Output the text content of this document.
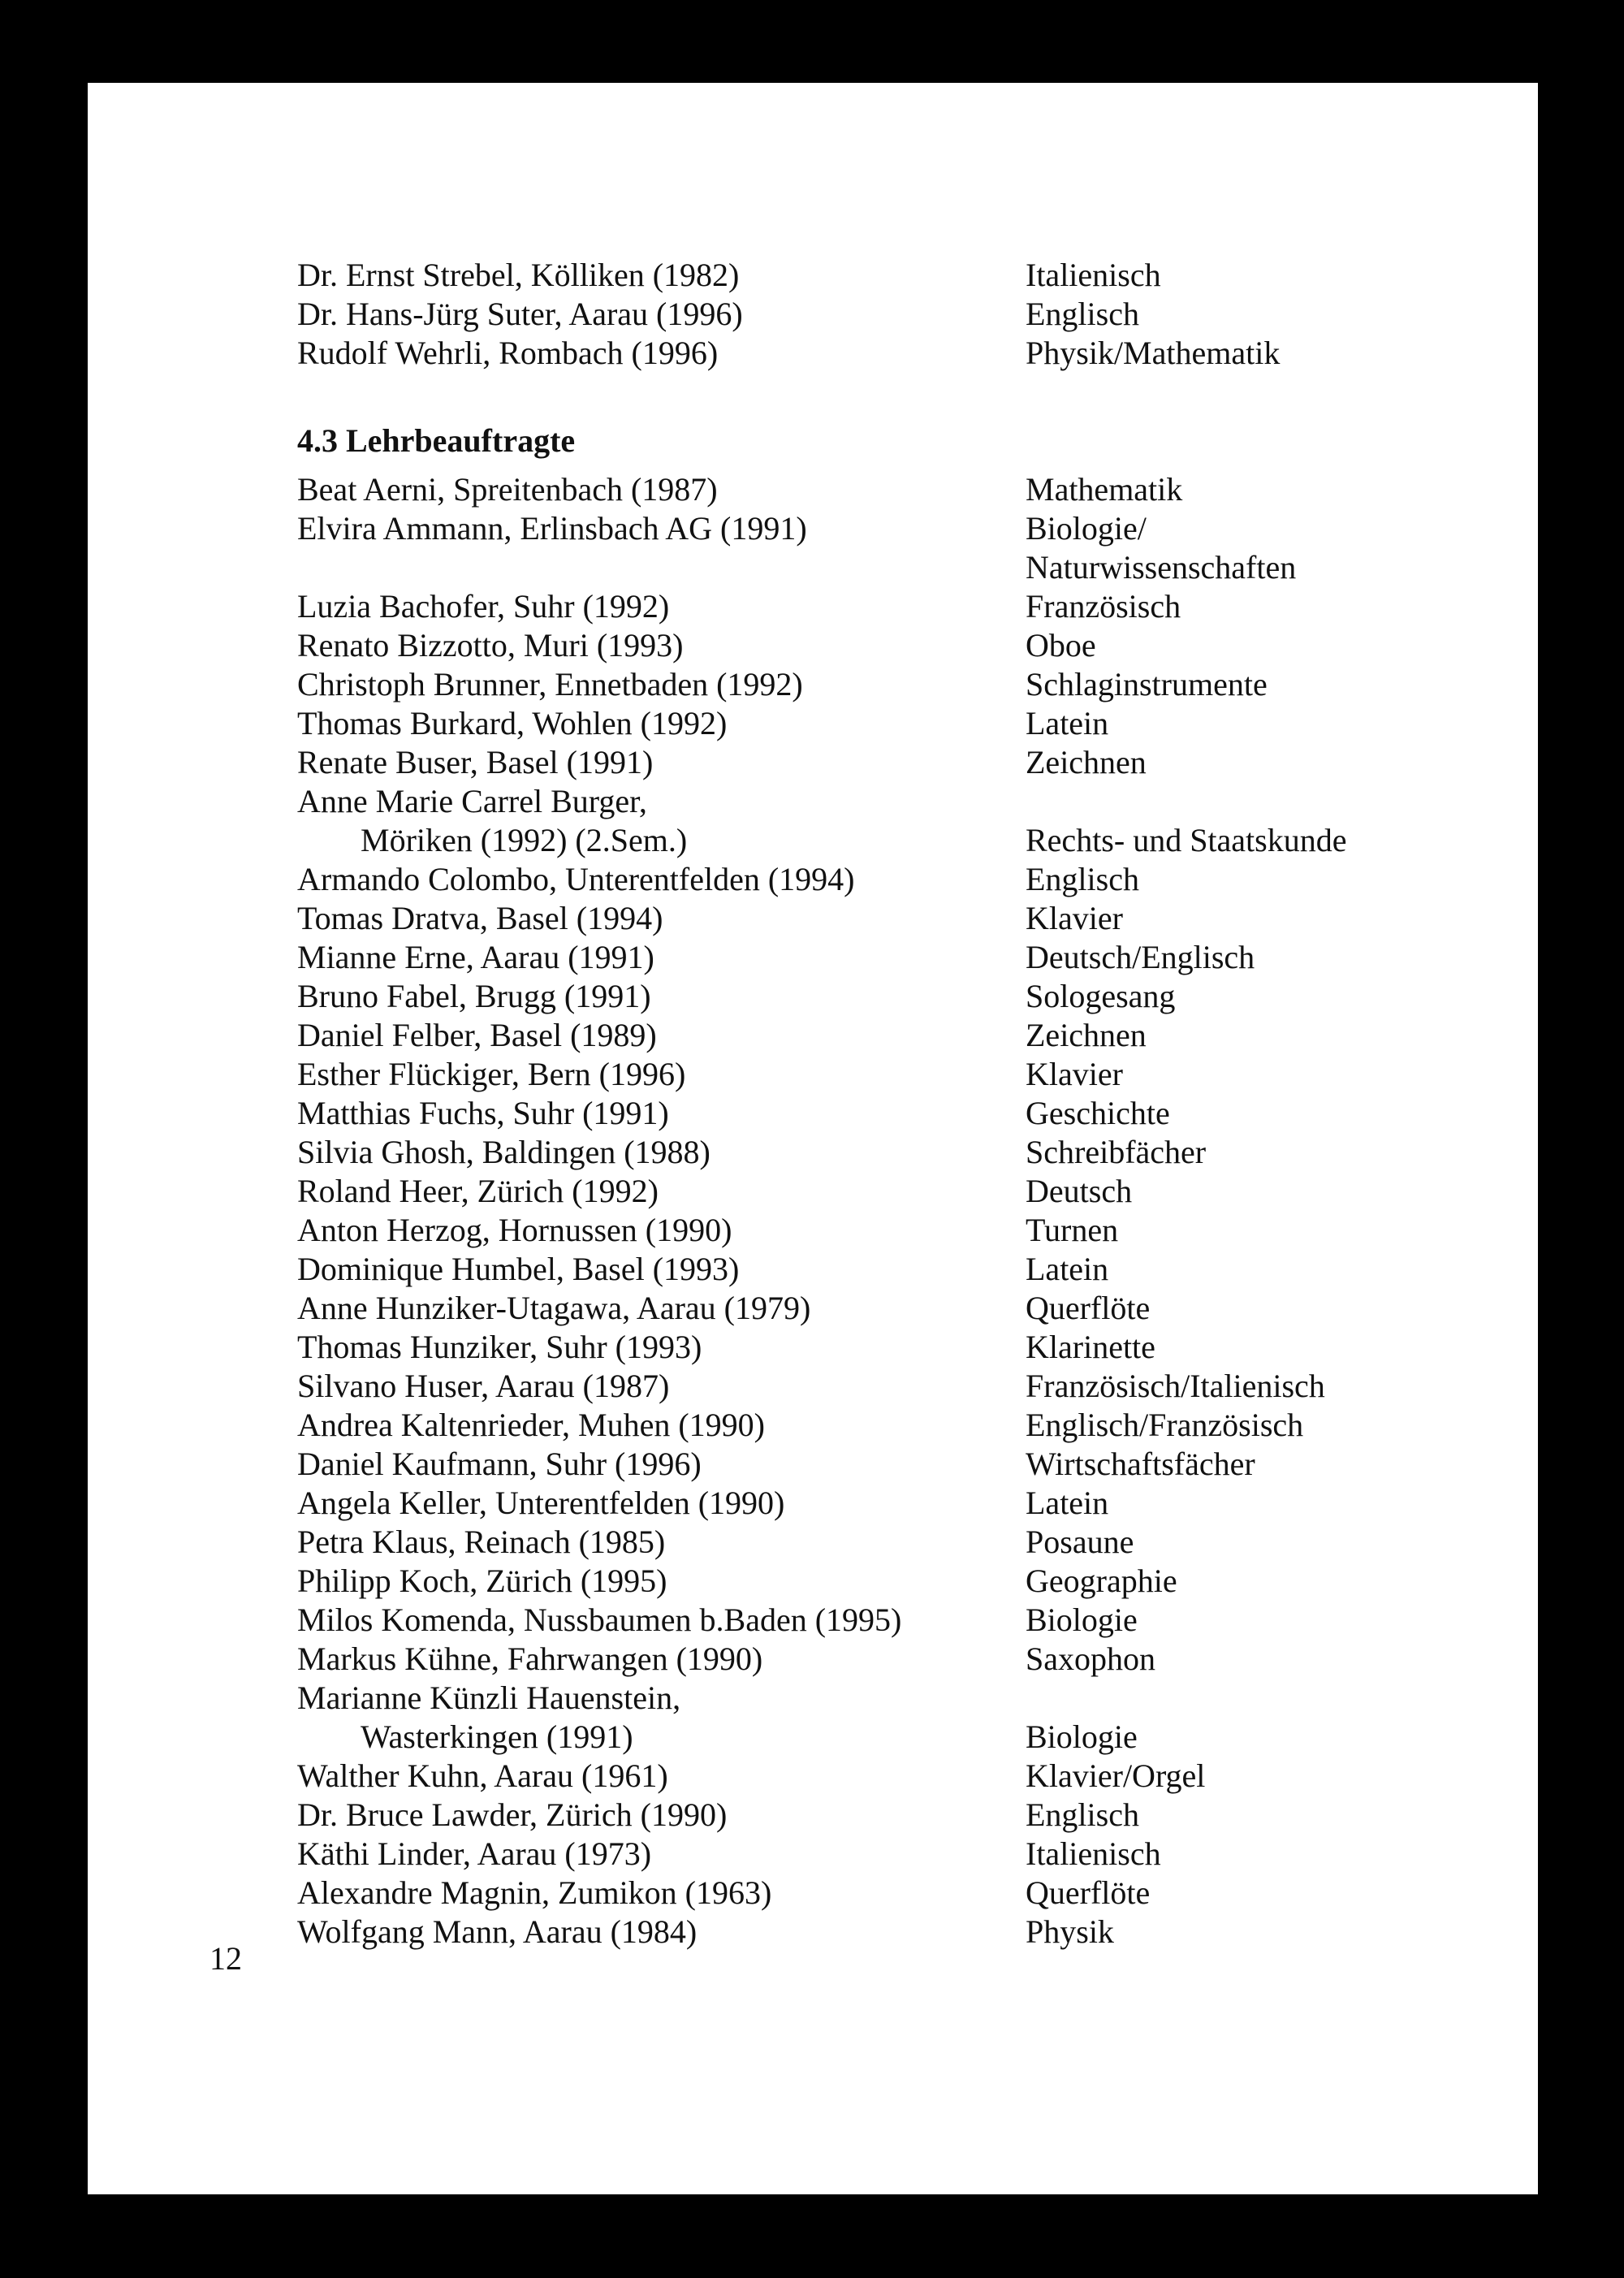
Dr. Ernst Strebel, Kölliken (1982)	Italienisch
Dr. Hans-Jürg Suter, Aarau (1996)	Englisch
Rudolf Wehrli, Rombach (1996)	Physik/Mathematik
4.3 Lehrbeauftragte
Beat Aerni, Spreitenbach (1987)	Mathematik
Elvira Ammann, Erlinsbach AG (1991)	Biologie/
Naturwissenschaften
Luzia Bachofer, Suhr (1992)	Französisch
Renato Bizzotto, Muri (1993)	Oboe
Christoph Brunner, Ennetbaden (1992)	Schlaginstrumente
Thomas Burkard, Wohlen (1992)	Latein
Renate Buser, Basel (1991)	Zeichnen
Anne Marie Carrel Burger,
Möriken (1992) (2.Sem.)	Rechts- und Staatskunde
Armando Colombo, Unterentfelden (1994)	Englisch
Tomas Dratva, Basel (1994)	Klavier
Mianne Erne, Aarau (1991)	Deutsch/Englisch
Bruno Fabel, Brugg (1991)	Sologesang
Daniel Felber, Basel (1989)	Zeichnen
Esther Flückiger, Bern (1996)	Klavier
Matthias Fuchs, Suhr (1991)	Geschichte
Silvia Ghosh, Baldingen (1988)	Schreibfächer
Roland Heer, Zürich (1992)	Deutsch
Anton Herzog, Hornussen (1990)	Turnen
Dominique Humbel, Basel (1993)	Latein
Anne Hunziker-Utagawa, Aarau (1979)	Querflöte
Thomas Hunziker, Suhr (1993)	Klarinette
Silvano Huser, Aarau (1987)	Französisch/Italienisch
Andrea Kaltenrieder, Muhen (1990)	Englisch/Französisch
Daniel Kaufmann, Suhr (1996)	Wirtschaftsfächer
Angela Keller, Unterentfelden (1990)	Latein
Petra Klaus, Reinach (1985)	Posaune
Philipp Koch, Zürich (1995)	Geographie
Milos Komenda, Nussbaumen b.Baden (1995)	Biologie
Markus Kühne, Fahrwangen (1990)	Saxophon
Marianne Künzli Hauenstein,
Wasterkingen (1991)	Biologie
Walther Kuhn, Aarau (1961)	Klavier/Orgel
Dr. Bruce Lawder, Zürich (1990)	Englisch
Käthi Linder, Aarau (1973)	Italienisch
Alexandre Magnin, Zumikon (1963)	Querflöte
Wolfgang Mann, Aarau (1984)	Physik
12
